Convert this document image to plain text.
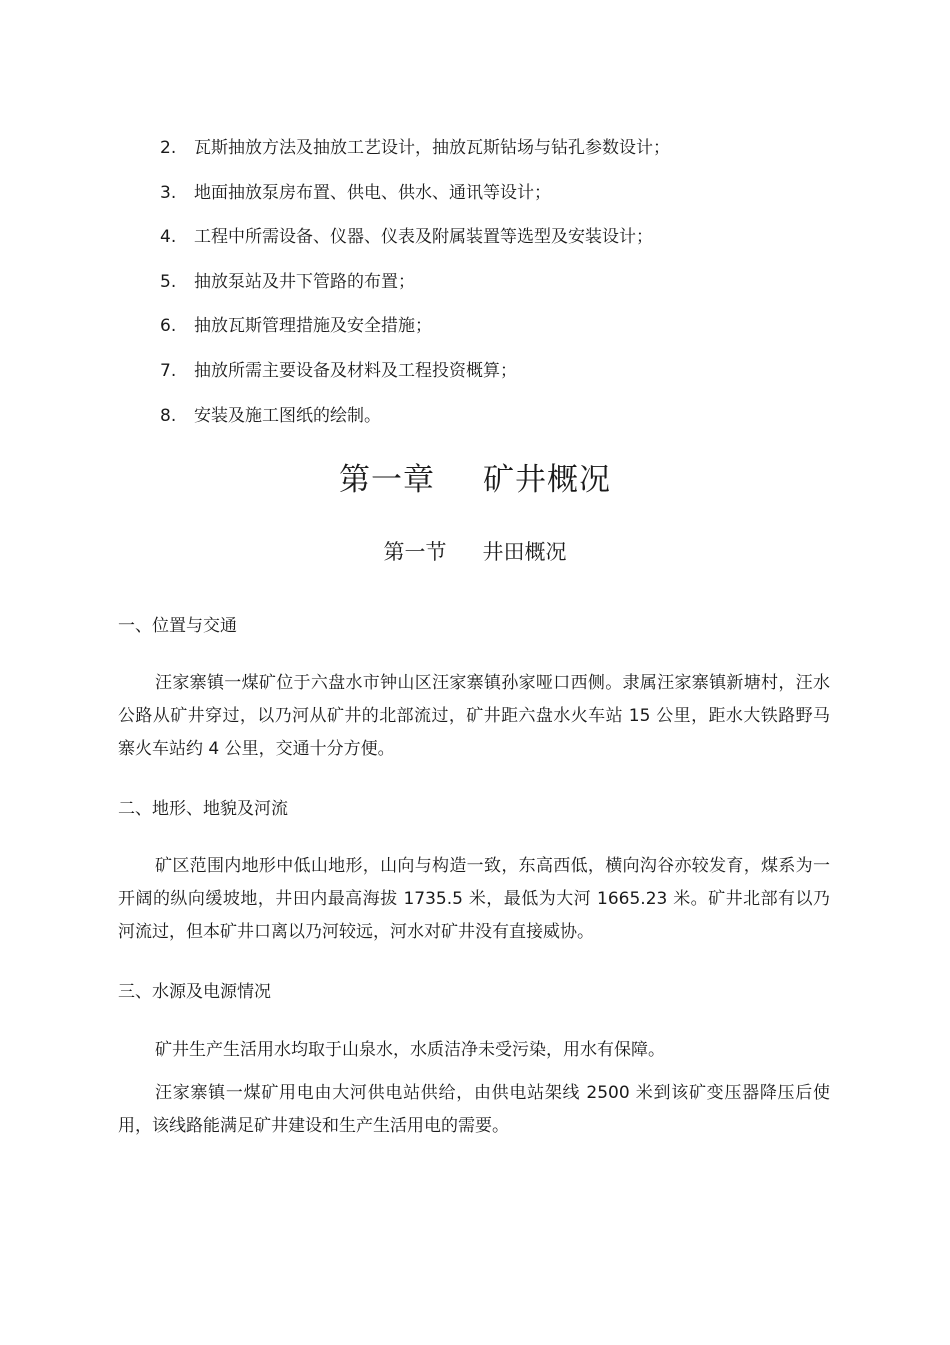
2.	瓦斯抽放方法及抽放工艺设计，抽放瓦斯钻场与钻孔参数设计；
3.	地面抽放泵房布置、供电、供水、通讯等设计；
4.	工程中所需设备、仪器、仪表及附属装置等选型及安装设计；
5.	抽放泵站及井下管路的布置；
6.	抽放瓦斯管理措施及安全措施；
7.	抽放所需主要设备及材料及工程投资概算；
8.	安装及施工图纸的绘制。
第一章 矿井概况
第一节 井田概况
一、位置与交通

汪家寨镇一煤矿位于六盘水市钟山区汪家寨镇孙家哑口西侧。隶属汪家寨镇新塘村，汪水公路从矿井穿过，以乃河从矿井的北部流过，矿井距六盘水火车站 15 公里，距水大铁路野马寨火车站约 4 公里，交通十分方便。

二、地形、地貌及河流

矿区范围内地形中低山地形，山向与构造一致，东高西低，横向沟谷亦较发育，煤系为一开阔的纵向缓坡地，井田内最高海拔 1735.5 米，最低为大河 1665.23 米。矿井北部有以乃河流过，但本矿井口离以乃河较远，河水对矿井没有直接威协。

三、水源及电源情况

矿井生产生活用水均取于山泉水，水质洁净未受污染，用水有保障。

汪家寨镇一煤矿用电由大河供电站供给，由供电站架线 2500 米到该矿变压器降压后使用，该线路能满足矿井建设和生产生活用电的需要。
